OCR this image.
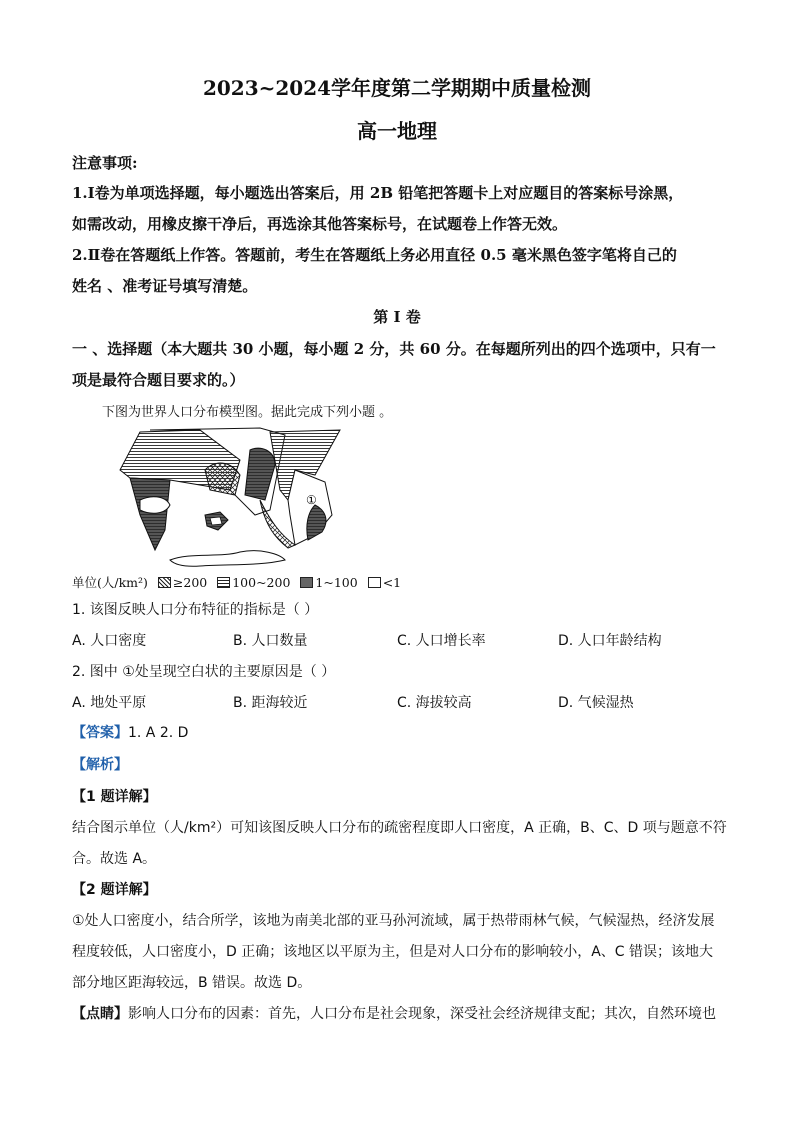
2023~2024学年度第二学期期中质量检测
高一地理
注意事项:
1.Ⅰ卷为单项选择题，每小题选出答案后，用 2B 铅笔把答题卡上对应题目的答案标号涂黑，
如需改动，用橡皮擦干净后，再选涂其他答案标号，在试题卷上作答无效。
2.Ⅱ卷在答题纸上作答。答题前，考生在答题纸上务必用直径 0.5 毫米黑色签字笔将自己的
姓名 、准考证号填写清楚。
第 Ⅰ 卷
一 、选择题（本大题共 30 小题，每小题 2 分，共 60 分。在每题所列出的四个选项中，只有一
项是最符合题目要求的。）
下图为世界人口分布模型图。据此完成下列小题 。
①
单位(人/km²) ≥200 100~200 1~100 <1
1. 该图反映人口分布特征的指标是（ ）
A. 人口密度	B. 人口数量	C. 人口增长率	D. 人口年龄结构
2. 图中 ①处呈现空白状的主要原因是（ ）
A. 地处平原	B. 距海较近	C. 海拔较高	D. 气候湿热
【答案】1. A 2. D
【解析】
【1 题详解】
结合图示单位（人/km²）可知该图反映人口分布的疏密程度即人口密度，A 正确，B、C、D 项与题意不符
合。故选 A。
【2 题详解】
①处人口密度小，结合所学，该地为南美北部的亚马孙河流域，属于热带雨林气候，气候湿热，经济发展
程度较低，人口密度小，D 正确；该地区以平原为主，但是对人口分布的影响较小，A、C 错误；该地大
部分地区距海较远，B 错误。故选 D。
【点睛】影响人口分布的因素：首先，人口分布是社会现象，深受社会经济规律支配；其次，自然环境也
